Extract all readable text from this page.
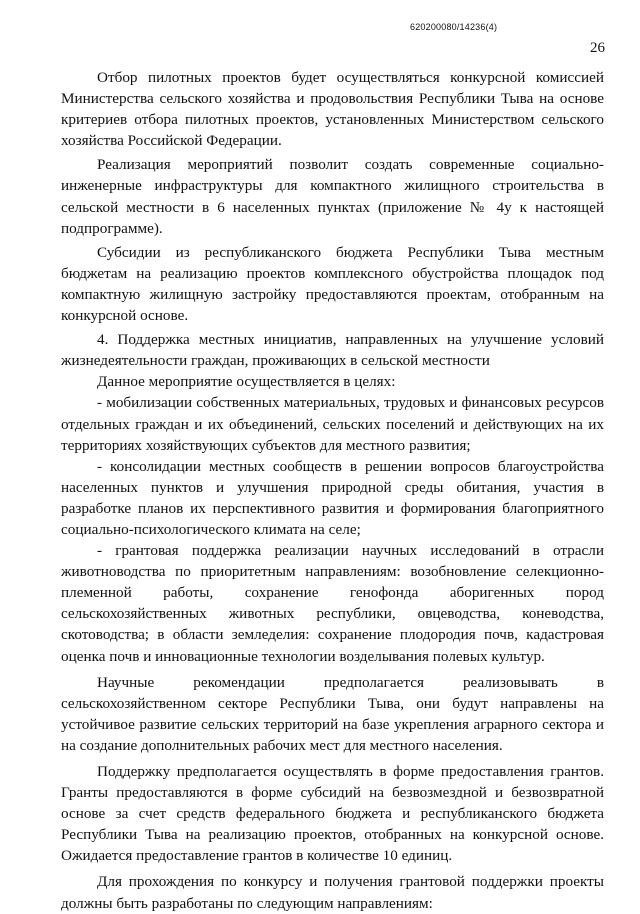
620200080/14236(4)
26

Отбор пилотных проектов будет осуществляться конкурсной комиссией Министерства сельского хозяйства и продовольствия Республики Тыва на основе критериев отбора пилотных проектов, установленных Министерством сельского хозяйства Российской Федерации.

Реализация мероприятий позволит создать современные социально-инженерные инфраструктуры для компактного жилищного строительства в сельской местности в 6 населенных пунктах (приложение № 4у к настоящей подпрограмме).

Субсидии из республиканского бюджета Республики Тыва местным бюджетам на реализацию проектов комплексного обустройства площадок под компактную жилищную застройку предоставляются проектам, отобранным на конкурсной основе.

4. Поддержка местных инициатив, направленных на улучшение условий жизнедеятельности граждан, проживающих в сельской местности

Данное мероприятие осуществляется в целях:

- мобилизации собственных материальных, трудовых и финансовых ресурсов отдельных граждан и их объединений, сельских поселений и действующих на их территориях хозяйствующих субъектов для местного развития;

- консолидации местных сообществ в решении вопросов благоустройства населенных пунктов и улучшения природной среды обитания, участия в разработке планов их перспективного развития и формирования благоприятного социально-психологического климата на селе;

- грантовая поддержка реализации научных исследований в отрасли животноводства по приоритетным направлениям: возобновление селекционно-племенной работы, сохранение генофонда аборигенных пород сельскохозяйственных животных республики, овцеводства, коневодства, скотоводства; в области земледелия: сохранение плодородия почв, кадастровая оценка почв и инновационные технологии возделывания полевых культур.

Научные рекомендации предполагается реализовывать в сельскохозяйственном секторе Республики Тыва, они будут направлены на устойчивое развитие сельских территорий на базе укрепления аграрного сектора и на создание дополнительных рабочих мест для местного населения.

Поддержку предполагается осуществлять в форме предоставления грантов. Гранты предоставляются в форме субсидий на безвозмездной и безвозвратной основе за счет средств федерального бюджета и республиканского бюджета Республики Тыва на реализацию проектов, отобранных на конкурсной основе. Ожидается предоставление грантов в количестве 10 единиц.

Для прохождения по конкурсу и получения грантовой поддержки проекты должны быть разработаны по следующим направлениям:
